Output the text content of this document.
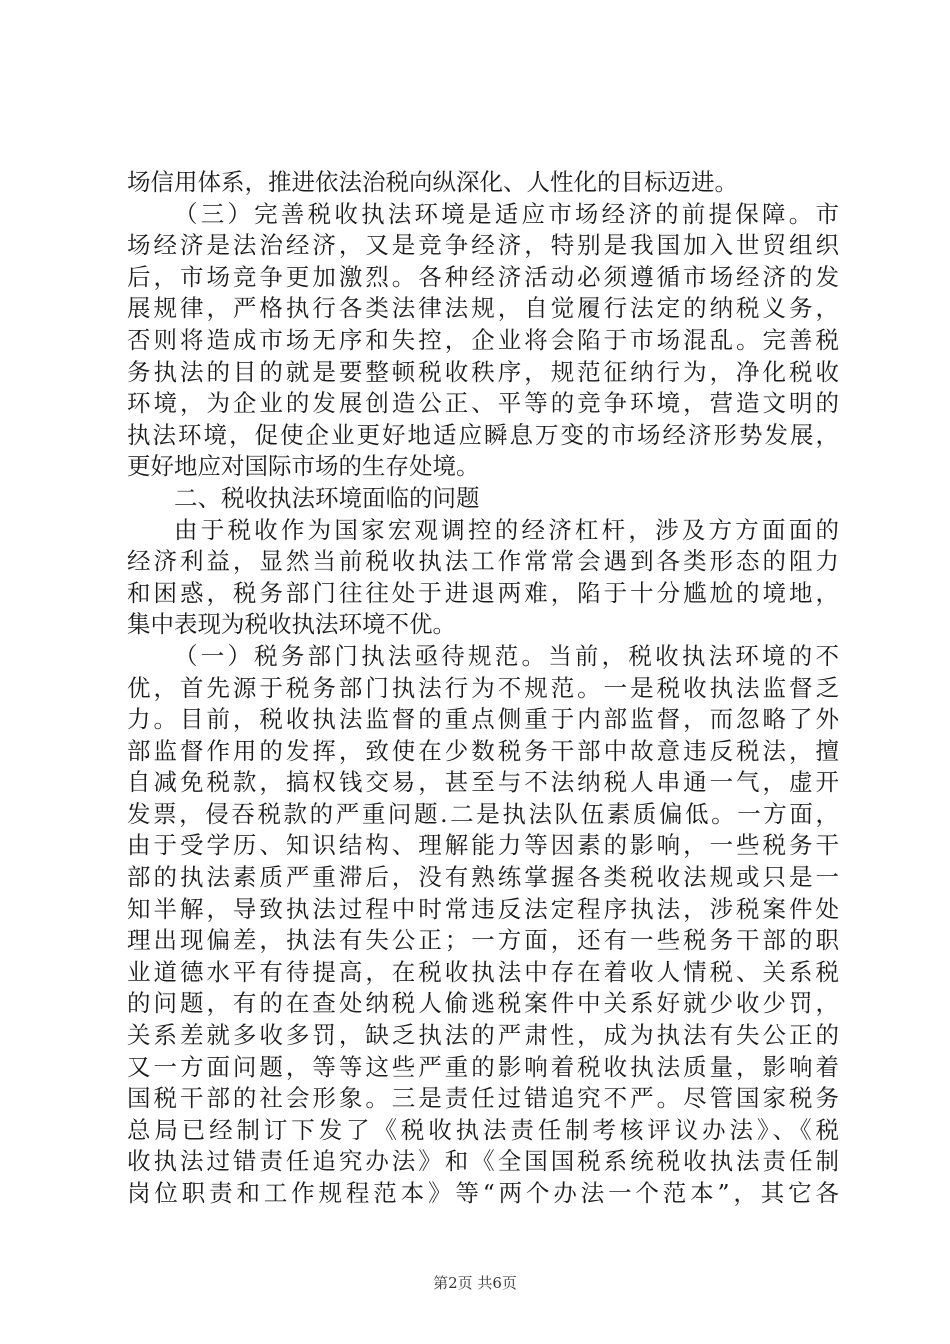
场信用体系，推进依法治税向纵深化、人性化的目标迈进。
（三）完善税收执法环境是适应市场经济的前提保障。市
场经济是法治经济，又是竞争经济，特别是我国加入世贸组织
后，市场竞争更加激烈。各种经济活动必须遵循市场经济的发
展规律，严格执行各类法律法规，自觉履行法定的纳税义务，
否则将造成市场无序和失控，企业将会陷于市场混乱。完善税
务执法的目的就是要整顿税收秩序，规范征纳行为，净化税收
环境，为企业的发展创造公正、平等的竞争环境，营造文明的
执法环境，促使企业更好地适应瞬息万变的市场经济形势发展，
更好地应对国际市场的生存处境。
二、税收执法环境面临的问题
由于税收作为国家宏观调控的经济杠杆，涉及方方面面的
经济利益，显然当前税收执法工作常常会遇到各类形态的阻力
和困惑，税务部门往往处于进退两难，陷于十分尴尬的境地，
集中表现为税收执法环境不优。
（一）税务部门执法亟待规范。当前，税收执法环境的不
优，首先源于税务部门执法行为不规范。一是税收执法监督乏
力。目前，税收执法监督的重点侧重于内部监督，而忽略了外
部监督作用的发挥，致使在少数税务干部中故意违反税法，擅
自减免税款，搞权钱交易，甚至与不法纳税人串通一气，虚开
发票，侵吞税款的严重问题.二是执法队伍素质偏低。一方面，
由于受学历、知识结构、理解能力等因素的影响，一些税务干
部的执法素质严重滞后，没有熟练掌握各类税收法规或只是一
知半解，导致执法过程中时常违反法定程序执法，涉税案件处
理出现偏差，执法有失公正；一方面，还有一些税务干部的职
业道德水平有待提高，在税收执法中存在着收人情税、关系税
的问题，有的在查处纳税人偷逃税案件中关系好就少收少罚，
关系差就多收多罚，缺乏执法的严肃性，成为执法有失公正的
又一方面问题，等等这些严重的影响着税收执法质量，影响着
国税干部的社会形象。三是责任过错追究不严。尽管国家税务
总局已经制订下发了《税收执法责任制考核评议办法》、《税
收执法过错责任追究办法》和《全国国税系统税收执法责任制
岗位职责和工作规程范本》等“两个办法一个范本”，其它各
第2页 共6页
